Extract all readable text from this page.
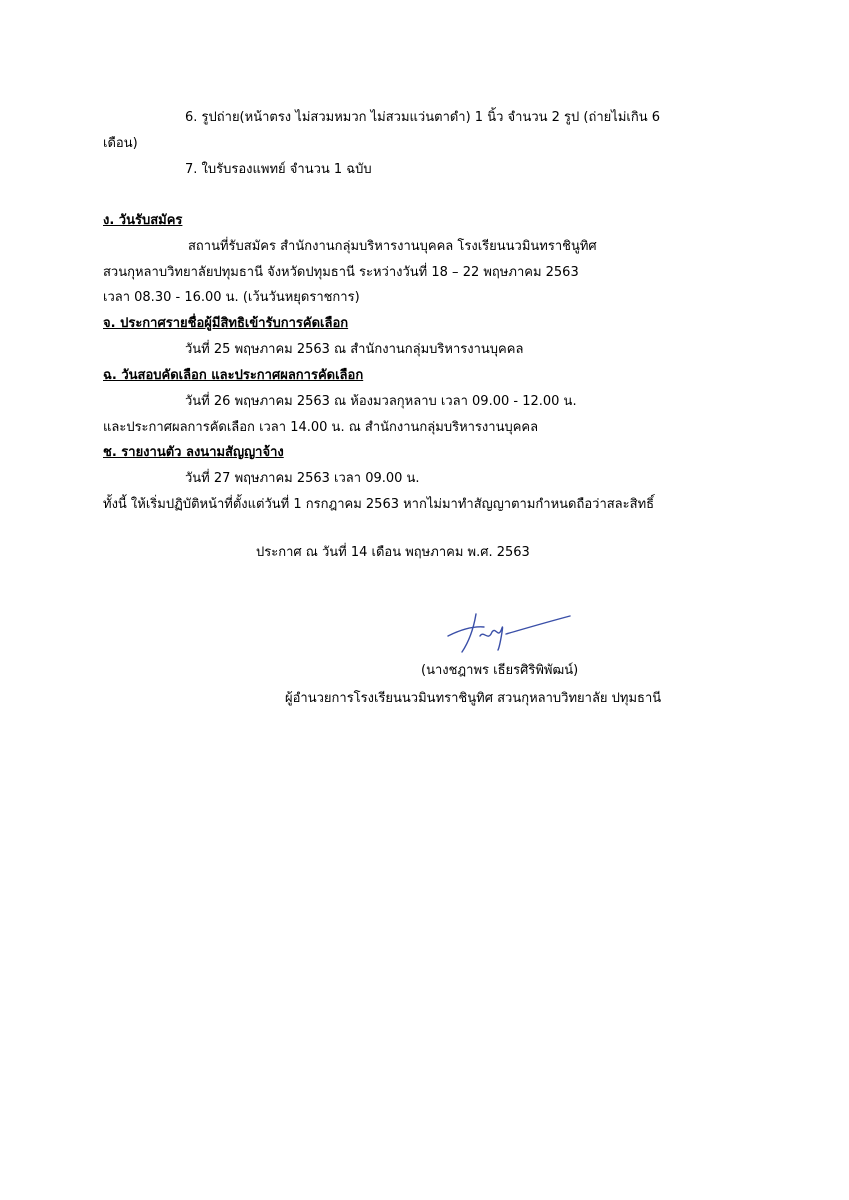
6. รูปถ่าย(หน้าตรง ไม่สวมหมวก ไม่สวมแว่นตาดำ) 1 นิ้ว จำนวน 2 รูป (ถ่ายไม่เกิน 6
เดือน)
7. ใบรับรองแพทย์ จำนวน 1 ฉบับ
ง. วันรับสมัคร
สถานที่รับสมัคร สำนักงานกลุ่มบริหารงานบุคคล โรงเรียนนวมินทราชินูทิศ
สวนกุหลาบวิทยาลัยปทุมธานี จังหวัดปทุมธานี ระหว่างวันที่ 18 – 22 พฤษภาคม 2563
เวลา 08.30 - 16.00 น. (เว้นวันหยุดราชการ)
จ. ประกาศรายชื่อผู้มีสิทธิเข้ารับการคัดเลือก
วันที่ 25 พฤษภาคม 2563 ณ สำนักงานกลุ่มบริหารงานบุคคล
ฉ. วันสอบคัดเลือก และประกาศผลการคัดเลือก
วันที่ 26 พฤษภาคม 2563 ณ ห้องมวลกุหลาบ เวลา 09.00 - 12.00 น.
และประกาศผลการคัดเลือก เวลา 14.00 น. ณ สำนักงานกลุ่มบริหารงานบุคคล
ช. รายงานตัว ลงนามสัญญาจ้าง
วันที่ 27 พฤษภาคม 2563 เวลา 09.00 น.
ทั้งนี้ ให้เริ่มปฏิบัติหน้าที่ตั้งแต่วันที่ 1 กรกฎาคม 2563 หากไม่มาทำสัญญาตามกำหนดถือว่าสละสิทธิ์
ประกาศ ณ วันที่ 14 เดือน พฤษภาคม พ.ศ. 2563
(นางชฎาพร เธียรศิริพิพัฒน์)
ผู้อำนวยการโรงเรียนนวมินทราชินูทิศ สวนกุหลาบวิทยาลัย ปทุมธานี
